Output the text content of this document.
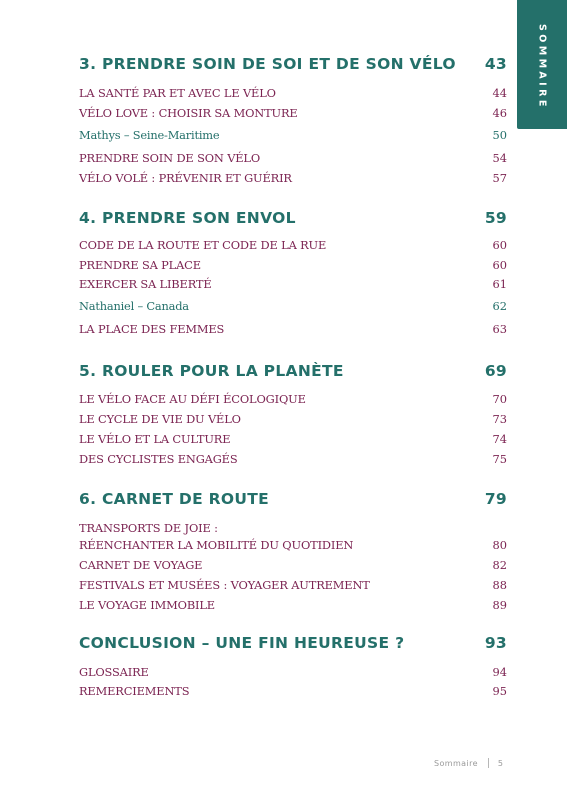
SOMMAIRE
3. PRENDRE SOIN DE SOI ET DE SON VÉLO 43
LA SANTÉ PAR ET AVEC LE VÉLO	44
VÉLO LOVE : CHOISIR SA MONTURE	46
Mathys – Seine-Maritime	50
PRENDRE SOIN DE SON VÉLO	54
VÉLO VOLÉ : PRÉVENIR ET GUÉRIR	57
4. PRENDRE SON ENVOL	59
CODE DE LA ROUTE ET CODE DE LA RUE	60
PRENDRE SA PLACE	60
EXERCER SA LIBERTÉ	61
Nathaniel – Canada	62
LA PLACE DES FEMMES	63
5. ROULER POUR LA PLANÈTE	69
LE VÉLO FACE AU DÉFI ÉCOLOGIQUE	70
LE CYCLE DE VIE DU VÉLO	73
LE VÉLO ET LA CULTURE	74
DES CYCLISTES ENGAGÉS	75
6. CARNET DE ROUTE	79
TRANSPORTS DE JOIE :
RÉENCHANTER LA MOBILITÉ DU QUOTIDIEN	80
CARNET DE VOYAGE	82
FESTIVALS ET MUSÉES : VOYAGER AUTREMENT	88
LE VOYAGE IMMOBILE	89
CONCLUSION – UNE FIN HEUREUSE ?	93
GLOSSAIRE	94
REMERCIEMENTS	95
Sommaire	5
